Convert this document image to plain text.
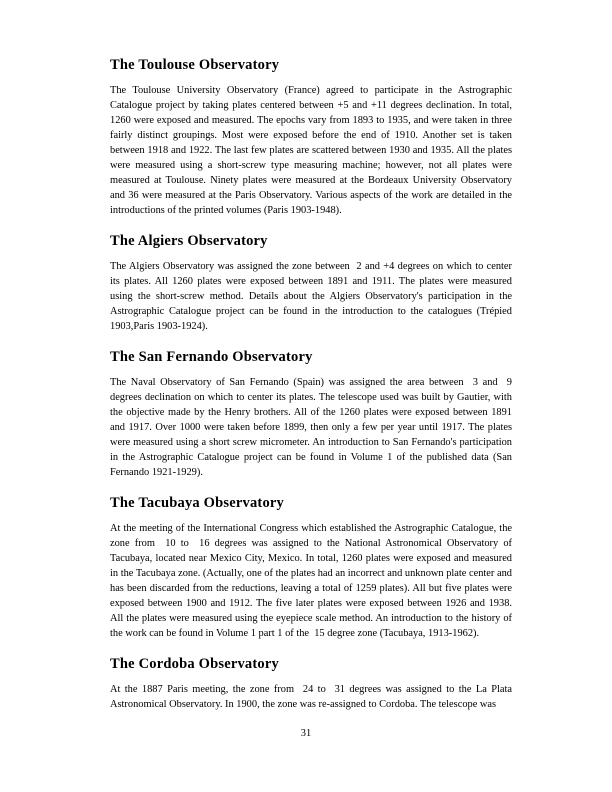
The Toulouse Observatory

The Toulouse University Observatory (France) agreed to participate in the Astrographic Catalogue project by taking plates centered between +5 and +11 degrees declination. In total, 1260 were exposed and measured. The epochs vary from 1893 to 1935, and were taken in three fairly distinct groupings. Most were exposed before the end of 1910. Another set is taken between 1918 and 1922. The last few plates are scattered between 1930 and 1935. All the plates were measured using a short-screw type measuring machine; however, not all plates were measured at Toulouse. Ninety plates were measured at the Bordeaux University Observatory and 36 were measured at the Paris Observatory. Various aspects of the work are detailed in the introductions of the printed volumes (Paris 1903-1948).

The Algiers Observatory

The Algiers Observatory was assigned the zone between  2 and +4 degrees on which to center its plates. All 1260 plates were exposed between 1891 and 1911. The plates were measured using the short-screw method. Details about the Algiers Observatory's participation in the Astrographic Catalogue project can be found in the introduction to the catalogues (Trépied 1903,Paris 1903-1924).

The San Fernando Observatory

The Naval Observatory of San Fernando (Spain) was assigned the area between  3 and  9 degrees declination on which to center its plates. The telescope used was built by Gautier, with the objective made by the Henry brothers. All of the 1260 plates were exposed between 1891 and 1917. Over 1000 were taken before 1899, then only a few per year until 1917. The plates were measured using a short screw micrometer. An introduction to San Fernando's participation in the Astrographic Catalogue project can be found in Volume 1 of the published data (San Fernando 1921-1929).

The Tacubaya Observatory

At the meeting of the International Congress which established the Astrographic Catalogue, the zone from  10 to  16 degrees was assigned to the National Astronomical Observatory of Tacubaya, located near Mexico City, Mexico. In total, 1260 plates were exposed and measured in the Tacubaya zone. (Actually, one of the plates had an incorrect and unknown plate center and has been discarded from the reductions, leaving a total of 1259 plates). All but five plates were exposed between 1900 and 1912. The five later plates were exposed between 1926 and 1938. All the plates were measured using the eyepiece scale method. An introduction to the history of the work can be found in Volume 1 part 1 of the  15 degree zone (Tacubaya, 1913-1962).

The Cordoba Observatory

At the 1887 Paris meeting, the zone from  24 to  31 degrees was assigned to the La Plata Astronomical Observatory. In 1900, the zone was re-assigned to Cordoba. The telescope was

31
